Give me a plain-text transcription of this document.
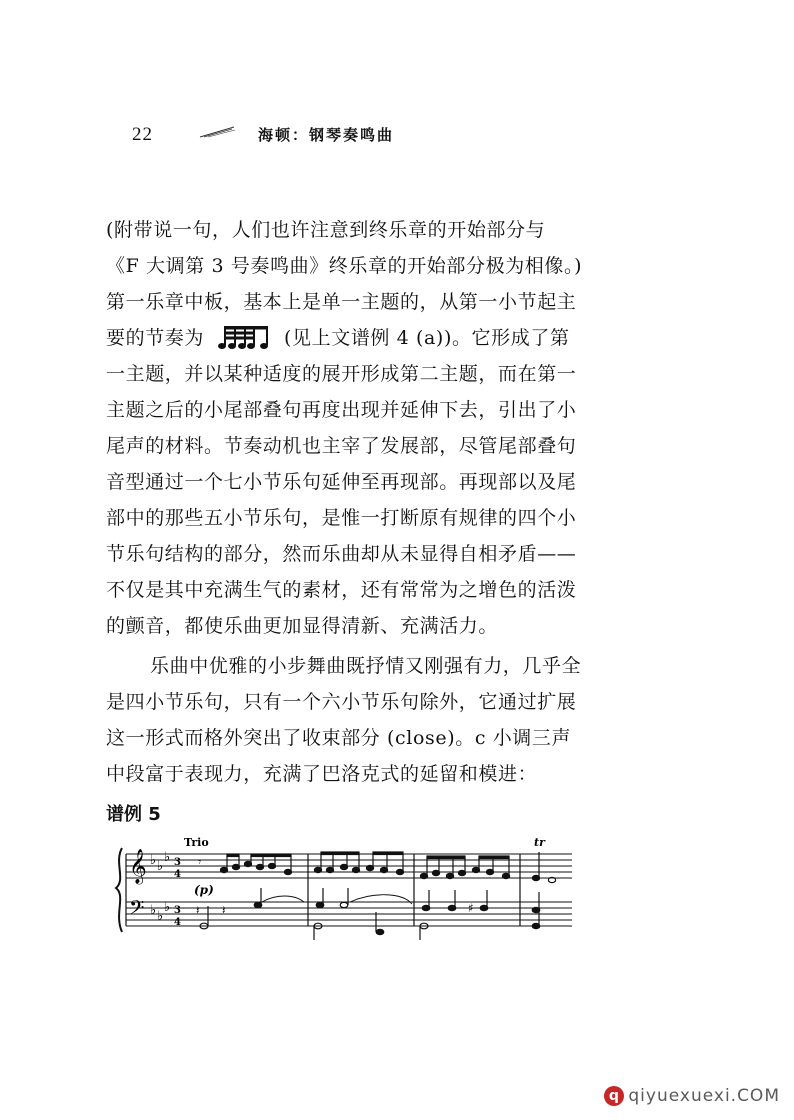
22	海顿：钢琴奏鸣曲
(附带说一句，人们也许注意到终乐章的开始部分与
《F 大调第 3 号奏鸣曲》终乐章的开始部分极为相像。)
第一乐章中板，基本上是单一主题的，从第一小节起主
要的节奏为	(见上文谱例 4 (a))。它形成了第
一主题，并以某种适度的展开形成第二主题，而在第一
主题之后的小尾部叠句再度出现并延伸下去，引出了小
尾声的材料。节奏动机也主宰了发展部，尽管尾部叠句
音型通过一个七小节乐句延伸至再现部。再现部以及尾
部中的那些五小节乐句，是惟一打断原有规律的四个小
节乐句结构的部分，然而乐曲却从未显得自相矛盾——
不仅是其中充满生气的素材，还有常常为之增色的活泼
的颤音，都使乐曲更加显得清新、充满活力。
乐曲中优雅的小步舞曲既抒情又刚强有力，几乎全
是四小节乐句，只有一个六小节乐句除外，它通过扩展
这一形式而格外突出了收束部分 (close)。c 小调三声
中段富于表现力，充满了巴洛克式的延留和模进：
谱例 5
𝄞
𝄢
♭ ♭
♭
♭ ♭
♭
3
4
3
4
Trio
(p)
tr
𝄾
𝄽 𝄽	♯
q qiyuexuexi.COM
